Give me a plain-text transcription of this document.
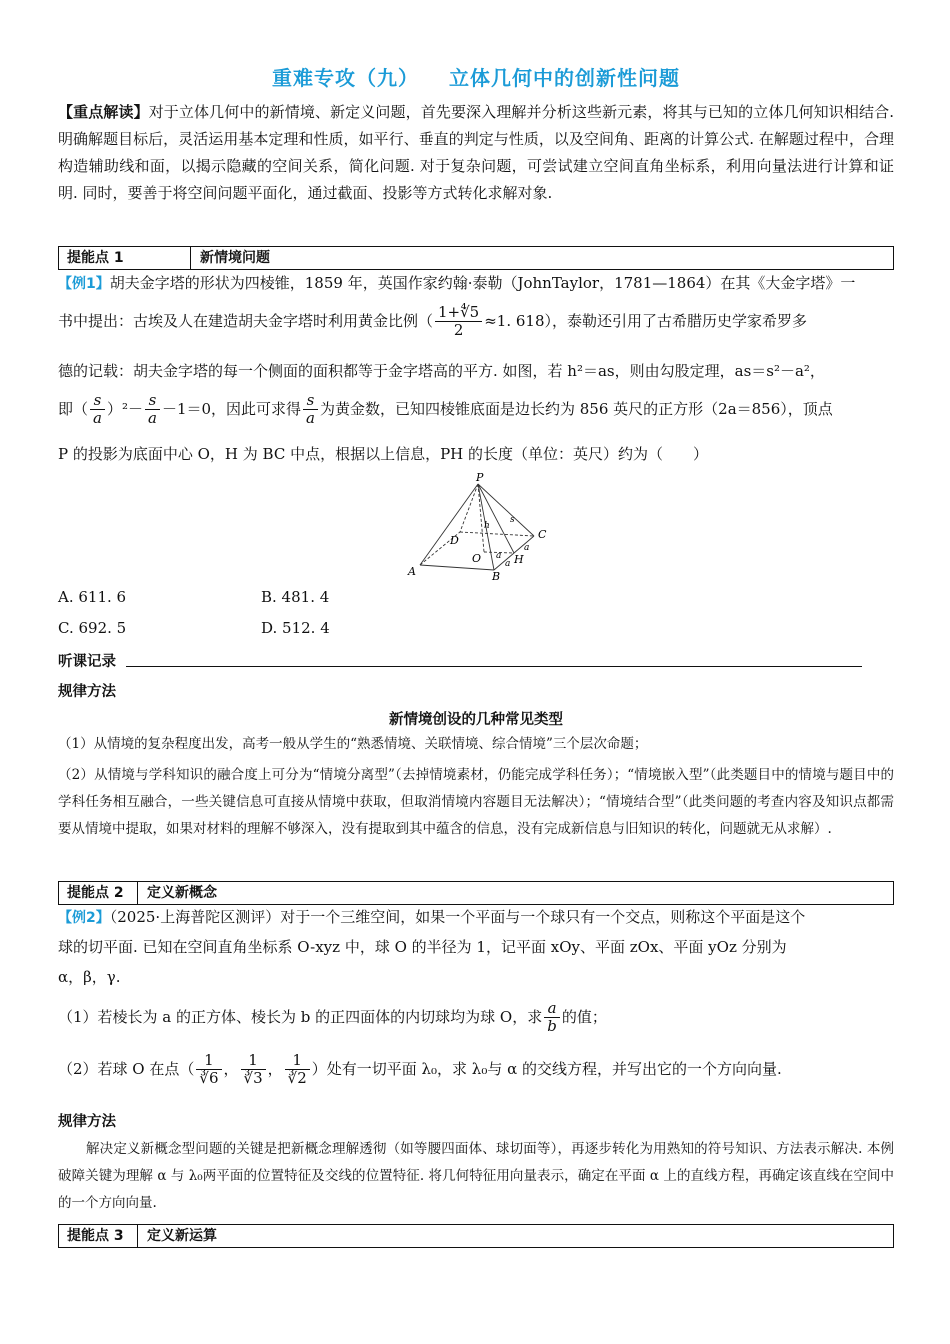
重难专攻（九） 立体几何中的创新性问题
【重点解读】对于立体几何中的新情境、新定义问题，首先要深入理解并分析这些新元素，将其与已知的立体几何知识相结合. 明确解题目标后，灵活运用基本定理和性质，如平行、垂直的判定与性质，以及空间角、距离的计算公式. 在解题过程中，合理构造辅助线和面，以揭示隐藏的空间关系，简化问题. 对于复杂问题，可尝试建立空间直角坐标系，利用向量法进行计算和证明. 同时，要善于将空间问题平面化，通过截面、投影等方式转化求解对象.
提能点 1	新情境问题
【例1】胡夫金字塔的形状为四棱锥，1859 年，英国作家约翰·泰勒（JohnTaylor，1781—1864）在其《大金字塔》一
书中提出：古埃及人在建造胡夫金字塔时利用黄金比例（ $\frac{1+∜5}{2} \approx 1$. 618），泰勒还引用了古希腊历史学家希罗多
德的记载：胡夫金字塔的每一个侧面的面积都等于金字塔高的平方. 如图，若 h²＝as，则由勾股定理，as＝s²－a²，
即（ $\frac{s}{a} )^2- \frac{s}{a} -1=0$，因此可求得 $\frac{s}{a}$ 为黄金数，已知四棱锥底面是边长约为 856 英尺的正方形（2a＝856），顶点
P 的投影为底面中心 O，H 为 BC 中点，根据以上信息，PH 的长度（单位：英尺）约为（　　）
P
A	B
C
D
O	H
h
s
a
a
a
A. 611. 6	B. 481. 4
C. 692. 5	D. 512. 4
听课记录
规律方法
新情境创设的几种常见类型
（1）从情境的复杂程度出发，高考一般从学生的“熟悉情境、关联情境、综合情境”三个层次命题；
（2）从情境与学科知识的融合度上可分为“情境分离型”（去掉情境素材，仍能完成学科任务）；“情境嵌入型”（此类题目中的情境与题目中的学科任务相互融合，一些关键信息可直接从情境中获取，但取消情境内容题目无法解决）；“情境结合型”（此类问题的考查内容及知识点都需要从情境中提取，如果对材料的理解不够深入，没有提取到其中蕴含的信息，没有完成新信息与旧知识的转化，问题就无从求解）.
提能点 2	定义新概念
【例2】（2025·上海普陀区测评）对于一个三维空间，如果一个平面与一个球只有一个交点，则称这个平面是这个
球的切平面. 已知在空间直角坐标系 O-xyz 中，球 O 的半径为 1，记平面 xOy、平面 zOx、平面 yOz 分别为
α，β，γ.
（1）若棱长为 a 的正方体、棱长为 b 的正四面体的内切球均为球 O，求 $\frac{a}{b}$ 的值；
（2）若球 O 在点（ $\frac{1}{∛6}$ ， $\frac{1}{∛3}$ ， $\frac{1}{∛2}$ ）处有一切平面 λ₀，求 λ₀与 α 的交线方程，并写出它的一个方向向量.
规律方法
解决定义新概念型问题的关键是把新概念理解透彻（如等腰四面体、球切面等），再逐步转化为用熟知的符号知识、方法表示解决. 本例破障关键为理解 α 与 λ₀两平面的位置特征及交线的位置特征. 将几何特征用向量表示，确定在平面 α 上的直线方程，再确定该直线在空间中的一个方向向量.
提能点 3	定义新运算
